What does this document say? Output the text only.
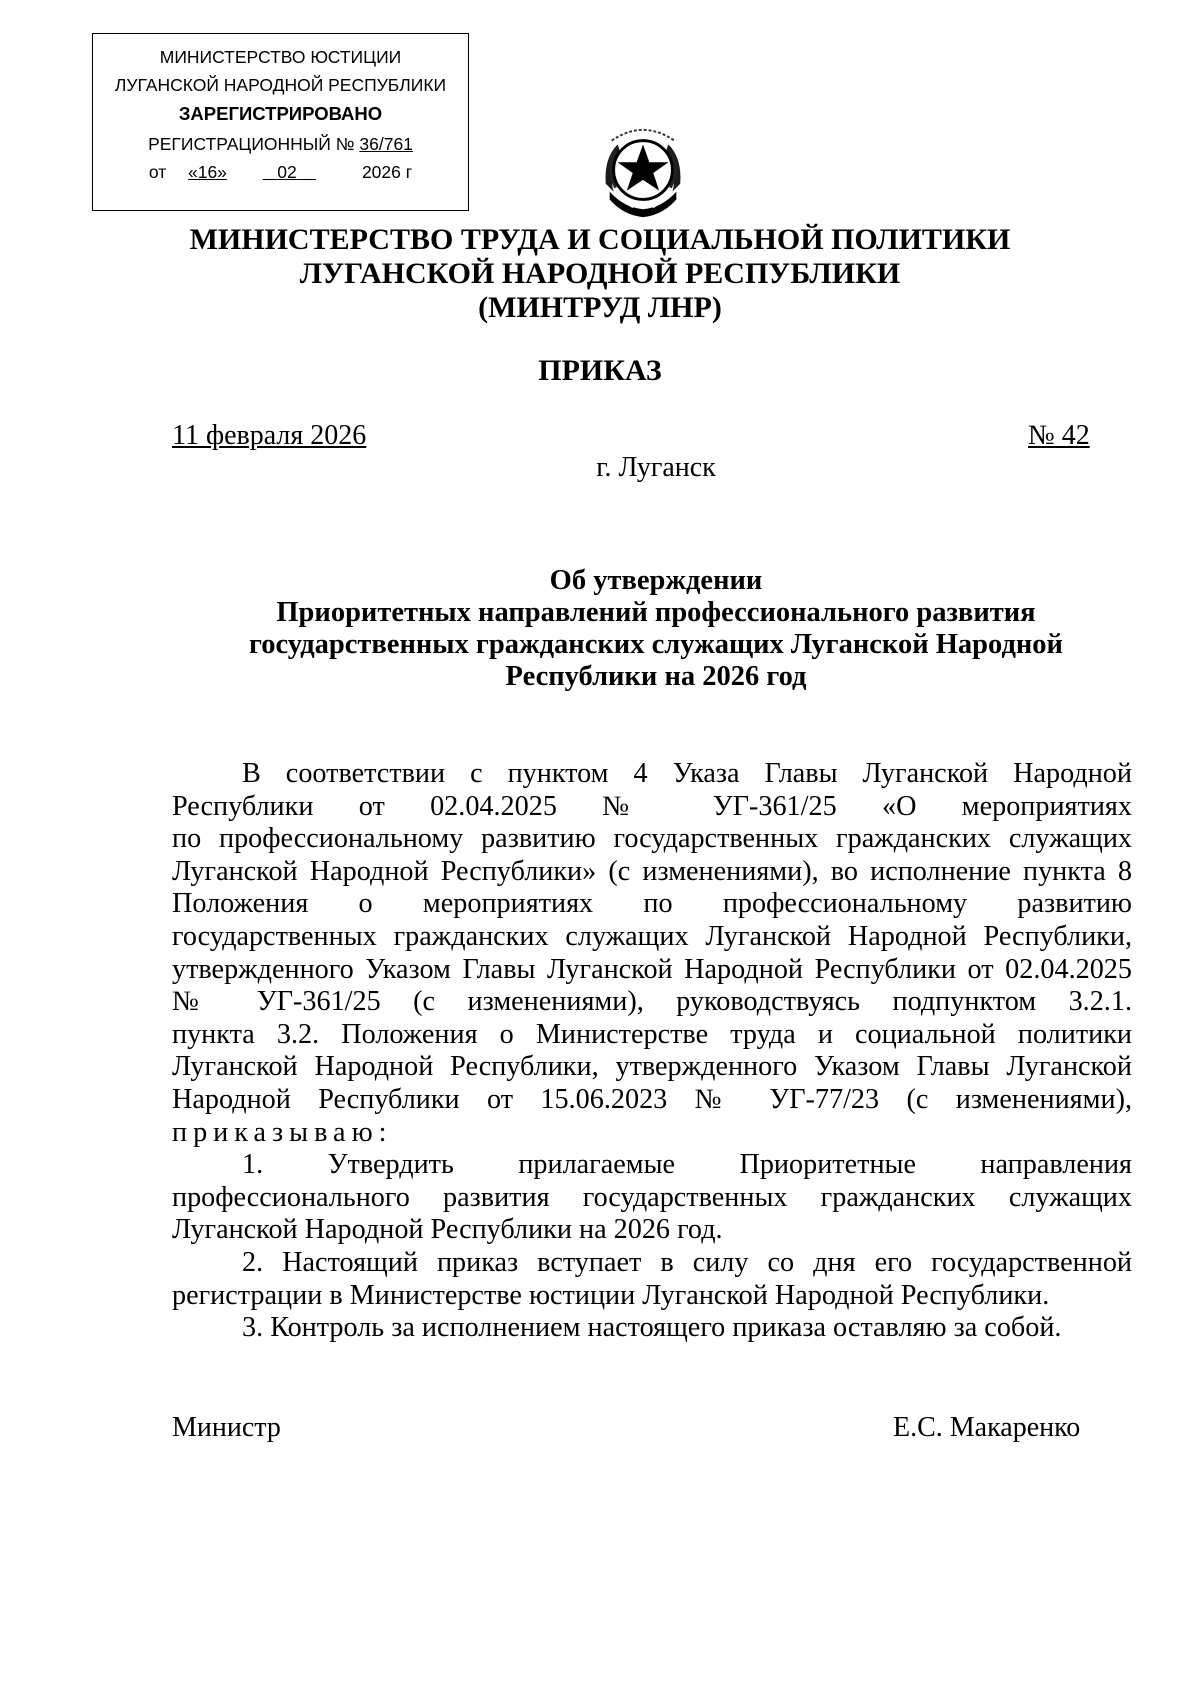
МИНИСТЕРСТВО ЮСТИЦИИ
ЛУГАНСКОЙ НАРОДНОЙ РЕСПУБЛИКИ
ЗАРЕГИСТРИРОВАНО
РЕГИСТРАЦИОННЫЙ № 36/761
от «16»	02	2026 г
МИНИСТЕРСТВО ТРУДА И СОЦИАЛЬНОЙ ПОЛИТИКИ
ЛУГАНСКОЙ НАРОДНОЙ РЕСПУБЛИКИ
(МИНТРУД ЛНР)
ПРИКАЗ
11 февраля 2026	№ 42
г. Луганск
Об утверждении
Приоритетных направлений профессионального развития
государственных гражданских служащих Луганской Народной
Республики на 2026 год

В соответствии с пунктом 4 Указа Главы Луганской Народной

Республики от 02.04.2025 № УГ-361/25 «О мероприятиях

по профессиональному развитию государственных гражданских служащих

Луганской Народной Республики» (с изменениями), во исполнение пункта 8

Положения о мероприятиях по профессиональному развитию

государственных гражданских служащих Луганской Народной Республики,

утвержденного Указом Главы Луганской Народной Республики от 02.04.2025

№ УГ-361/25 (с изменениями), руководствуясь подпунктом 3.2.1.

пункта 3.2. Положения о Министерстве труда и социальной политики

Луганской Народной Республики, утвержденного Указом Главы Луганской

Народной Республики от 15.06.2023 № УГ-77/23 (с изменениями),

приказываю:

1. Утвердить прилагаемые Приоритетные направления

профессионального развития государственных гражданских служащих

Луганской Народной Республики на 2026 год.

2. Настоящий приказ вступает в силу со дня его государственной

регистрации в Министерстве юстиции Луганской Народной Республики.

3. Контроль за исполнением настоящего приказа оставляю за собой.

Министр	Е.С. Макаренко
